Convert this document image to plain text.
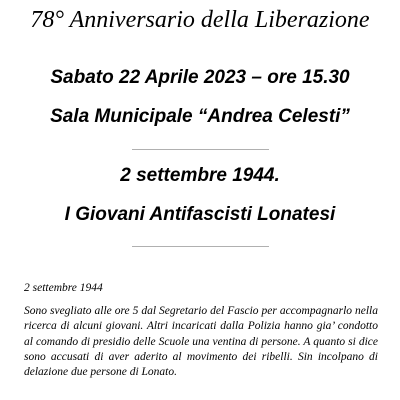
78° Anniversario della Liberazione
Sabato 22 Aprile 2023 – ore 15.30
Sala Municipale “Andrea Celesti”
2 settembre 1944.
I Giovani Antifascisti Lonatesi
2 settembre 1944
Sono svegliato alle ore 5 dal Segretario del Fascio per accompagnarlo nella ricerca di alcuni giovani. Altri incaricati dalla Polizia hanno gia’ condotto al comando di presidio delle Scuole una ventina di persone. A quanto si dice sono accusati di aver aderito al movimento dei ribelli. Sin incolpano di delazione due persone di Lonato.
